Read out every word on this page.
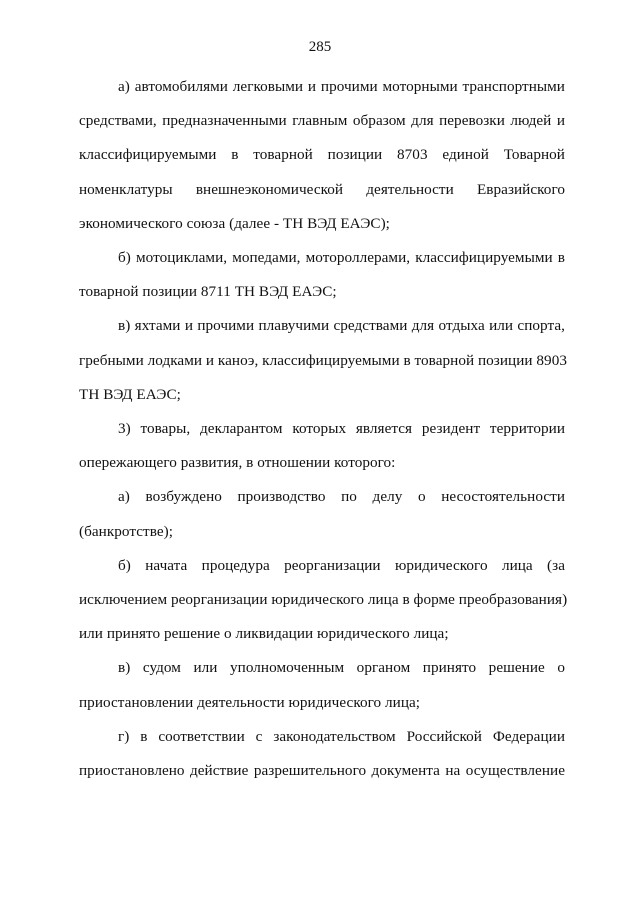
285

а) автомобилями легковыми и прочими моторными транспортными
средствами, предназначенными главным образом для перевозки людей и
классифицируемыми в товарной позиции 8703 единой Товарной
номенклатуры внешнеэкономической деятельности Евразийского
экономического союза (далее - ТН ВЭД ЕАЭС);

б) мотоциклами, мопедами, мотороллерами, классифицируемыми в
товарной позиции 8711 ТН ВЭД ЕАЭС;

в) яхтами и прочими плавучими средствами для отдыха или спорта,
гребными лодками и каноэ, классифицируемыми в товарной позиции 8903
ТН ВЭД ЕАЭС;

3) товары, декларантом которых является резидент территории
опережающего развития, в отношении которого:

а) возбуждено производство по делу о несостоятельности
(банкротстве);

б) начата процедура реорганизации юридического лица (за
исключением реорганизации юридического лица в форме преобразования)
или принято решение о ликвидации юридического лица;

в) судом или уполномоченным органом принято решение о
приостановлении деятельности юридического лица;

г) в соответствии с законодательством Российской Федерации
приостановлено действие разрешительного документа на осуществление
